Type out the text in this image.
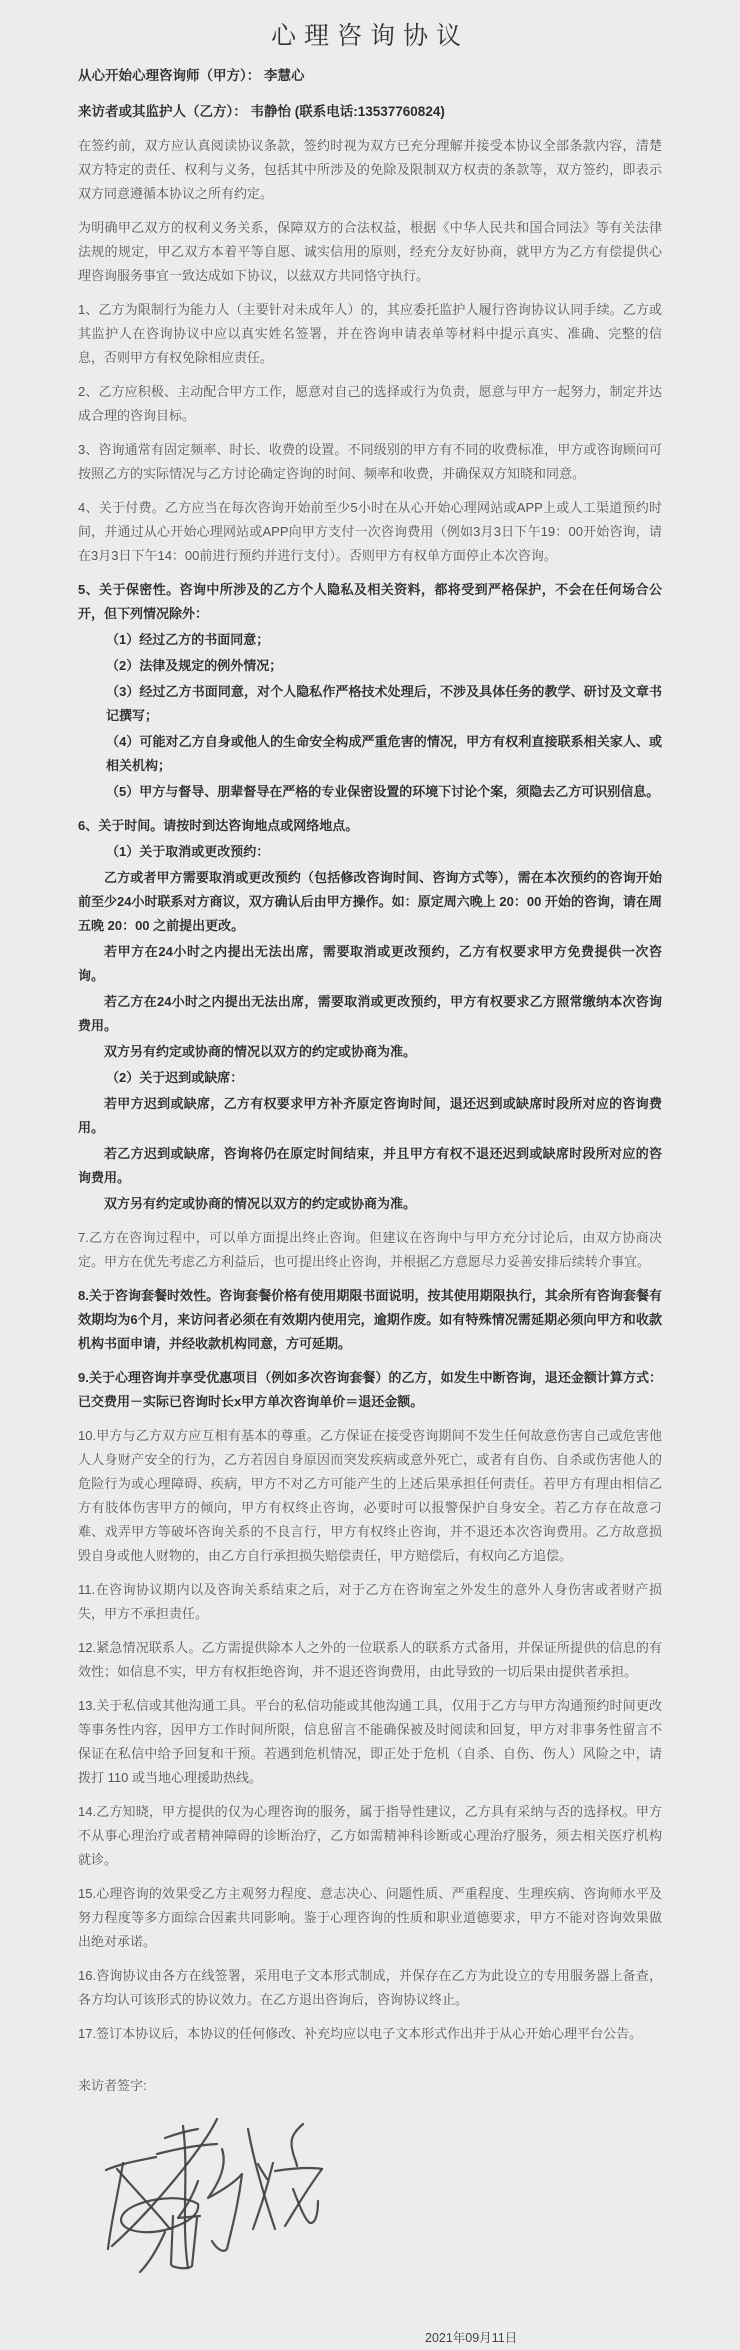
心理咨询协议

从心开始心理咨询师（甲方）： 李慧心

来访者或其监护人（乙方）： 韦静怡 (联系电话:13537760824)

在签约前，双方应认真阅读协议条款，签约时视为双方已充分理解并接受本协议全部条款内容，清楚双方特定的责任、权利与义务，包括其中所涉及的免除及限制双方权责的条款等，双方签约，即表示双方同意遵循本协议之所有约定。

为明确甲乙双方的权利义务关系，保障双方的合法权益，根据《中华人民共和国合同法》等有关法律法规的规定，甲乙双方本着平等自愿、诚实信用的原则，经充分友好协商，就甲方为乙方有偿提供心理咨询服务事宜一致达成如下协议，以兹双方共同恪守执行。

1、乙方为限制行为能力人（主要针对未成年人）的，其应委托监护人履行咨询协议认同手续。乙方或其监护人在咨询协议中应以真实姓名签署，并在咨询申请表单等材料中提示真实、准确、完整的信息，否则甲方有权免除相应责任。

2、乙方应积极、主动配合甲方工作，愿意对自己的选择或行为负责，愿意与甲方一起努力，制定并达成合理的咨询目标。

3、咨询通常有固定频率、时长、收费的设置。不同级别的甲方有不同的收费标准，甲方或咨询顾问可按照乙方的实际情况与乙方讨论确定咨询的时间、频率和收费，并确保双方知晓和同意。

4、关于付费。乙方应当在每次咨询开始前至少5小时在从心开始心理网站或APP上或人工渠道预约时间，并通过从心开始心理网站或APP向甲方支付一次咨询费用（例如3月3日下午19：00开始咨询，请在3月3日下午14：00前进行预约并进行支付）。否则甲方有权单方面停止本次咨询。

5、关于保密性。咨询中所涉及的乙方个人隐私及相关资料，都将受到严格保护，不会在任何场合公开，但下列情况除外：

（1）经过乙方的书面同意；

（2）法律及规定的例外情况；

（3）经过乙方书面同意，对个人隐私作严格技术处理后，不涉及具体任务的教学、研讨及文章书记撰写；

（4）可能对乙方自身或他人的生命安全构成严重危害的情况，甲方有权利直接联系相关家人、或相关机构；

（5）甲方与督导、朋辈督导在严格的专业保密设置的环境下讨论个案，须隐去乙方可识别信息。

6、关于时间。请按时到达咨询地点或网络地点。

（1）关于取消或更改预约：

乙方或者甲方需要取消或更改预约（包括修改咨询时间、咨询方式等），需在本次预约的咨询开始前至少24小时联系对方商议，双方确认后由甲方操作。如：原定周六晚上 20：00 开始的咨询，请在周五晚 20：00 之前提出更改。

若甲方在24小时之内提出无法出席，需要取消或更改预约，乙方有权要求甲方免费提供一次咨询。

若乙方在24小时之内提出无法出席，需要取消或更改预约，甲方有权要求乙方照常缴纳本次咨询费用。

双方另有约定或协商的情况以双方的约定或协商为准。

（2）关于迟到或缺席：

若甲方迟到或缺席，乙方有权要求甲方补齐原定咨询时间，退还迟到或缺席时段所对应的咨询费用。

若乙方迟到或缺席，咨询将仍在原定时间结束，并且甲方有权不退还迟到或缺席时段所对应的咨询费用。

双方另有约定或协商的情况以双方的约定或协商为准。

7.乙方在咨询过程中，可以单方面提出终止咨询。但建议在咨询中与甲方充分讨论后，由双方协商决定。甲方在优先考虑乙方利益后，也可提出终止咨询，并根据乙方意愿尽力妥善安排后续转介事宜。

8.关于咨询套餐时效性。咨询套餐价格有使用期限书面说明，按其使用期限执行，其余所有咨询套餐有效期均为6个月，来访问者必须在有效期内使用完，逾期作废。如有特殊情况需延期必须向甲方和收款机构书面申请，并经收款机构同意，方可延期。

9.关于心理咨询并享受优惠项目（例如多次咨询套餐）的乙方，如发生中断咨询，退还金额计算方式：已交费用－实际已咨询时长x甲方单次咨询单价＝退还金额。

10.甲方与乙方双方应互相有基本的尊重。乙方保证在接受咨询期间不发生任何故意伤害自己或危害他人人身财产安全的行为，乙方若因自身原因而突发疾病或意外死亡，或者有自伤、自杀或伤害他人的危险行为或心理障碍、疾病，甲方不对乙方可能产生的上述后果承担任何责任。若甲方有理由相信乙方有肢体伤害甲方的倾向，甲方有权终止咨询，必要时可以报警保护自身安全。若乙方存在故意刁难、戏弄甲方等破坏咨询关系的不良言行，甲方有权终止咨询，并不退还本次咨询费用。乙方故意损毁自身或他人财物的，由乙方自行承担损失赔偿责任，甲方赔偿后，有权向乙方追偿。

11.在咨询协议期内以及咨询关系结束之后，对于乙方在咨询室之外发生的意外人身伤害或者财产损失，甲方不承担责任。

12.紧急情况联系人。乙方需提供除本人之外的一位联系人的联系方式备用，并保证所提供的信息的有效性；如信息不实，甲方有权拒绝咨询，并不退还咨询费用，由此导致的一切后果由提供者承担。

13.关于私信或其他沟通工具。平台的私信功能或其他沟通工具，仅用于乙方与甲方沟通预约时间更改等事务性内容，因甲方工作时间所限，信息留言不能确保被及时阅读和回复，甲方对非事务性留言不保证在私信中给予回复和干预。若遇到危机情况，即正处于危机（自杀、自伤、伤人）风险之中，请拨打 110 或当地心理援助热线。

14.乙方知晓，甲方提供的仅为心理咨询的服务，属于指导性建议，乙方具有采纳与否的选择权。甲方不从事心理治疗或者精神障碍的诊断治疗，乙方如需精神科诊断或心理治疗服务，须去相关医疗机构就诊。

15.心理咨询的效果受乙方主观努力程度、意志决心、问题性质、严重程度、生理疾病、咨询师水平及努力程度等多方面综合因素共同影响。鉴于心理咨询的性质和职业道德要求，甲方不能对咨询效果做出绝对承诺。

16.咨询协议由各方在线签署，采用电子文本形式制成，并保存在乙方为此设立的专用服务器上备查，各方均认可该形式的协议效力。在乙方退出咨询后，咨询协议终止。

17.签订本协议后，本协议的任何修改、补充均应以电子文本形式作出并于从心开始心理平台公告。

来访者签字:

2021年09月11日
